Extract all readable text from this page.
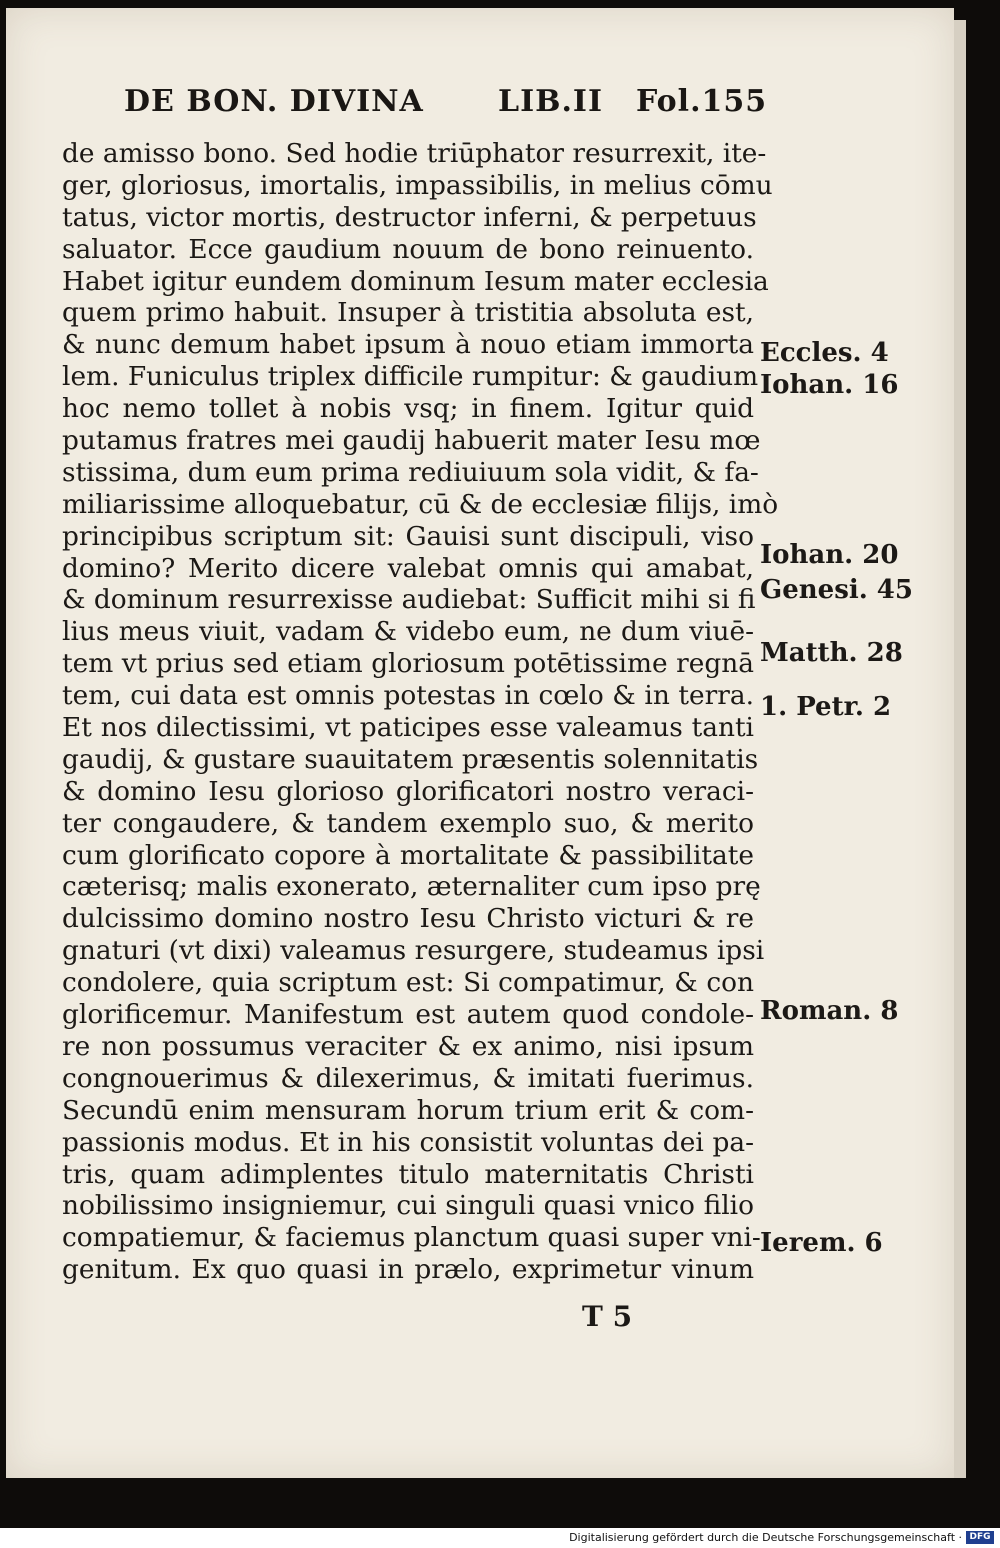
DE BON. DIVINA LIB.II Fol.155
de amisso bono. Sed hodie triūphator resurrexit, ite-
ger, gloriosus, imortalis, impassibilis, in melius cōmu
tatus, victor mortis, destructor inferni, & perpetuus
saluator. Ecce gaudium nouum de bono reinuento.
Habet igitur eundem dominum Iesum mater ecclesia
quem primo habuit. Insuper à tristitia absoluta est,
& nunc demum habet ipsum à nouo etiam immorta
lem. Funiculus triplex difficile rumpitur: & gaudium
hoc nemo tollet à nobis vsq; in finem. Igitur quid
putamus fratres mei gaudij habuerit mater Iesu mœ
stissima, dum eum prima rediuiuum sola vidit, & fa-
miliarissime alloquebatur, cū & de ecclesiæ filijs, imò
principibus scriptum sit: Gauisi sunt discipuli, viso
domino? Merito dicere valebat omnis qui amabat,
& dominum resurrexisse audiebat: Sufficit mihi si fi
lius meus viuit, vadam & videbo eum, ne dum viuē-
tem vt prius sed etiam gloriosum potētissime regnā
tem, cui data est omnis potestas in cœlo & in terra.
Et nos dilectissimi, vt paticipes esse valeamus tanti
gaudij, & gustare suauitatem præsentis solennitatis
& domino Iesu glorioso glorificatori nostro veraci-
ter congaudere, & tandem exemplo suo, & merito
cum glorificato copore à mortalitate & passibilitate
cæterisq; malis exonerato, æternaliter cum ipso prę
dulcissimo domino nostro Iesu Christo victuri & re
gnaturi (vt dixi) valeamus resurgere, studeamus ipsi
condolere, quia scriptum est: Si compatimur, & con
glorificemur. Manifestum est autem quod condole-
re non possumus veraciter & ex animo, nisi ipsum
congnouerimus & dilexerimus, & imitati fuerimus.
Secundū enim mensuram horum trium erit & com-
passionis modus. Et in his consistit voluntas dei pa-
tris, quam adimplentes titulo maternitatis Christi
nobilissimo insigniemur, cui singuli quasi vnico filio
compatiemur, & faciemus planctum quasi super vni-
genitum. Ex quo quasi in prælo, exprimetur vinum
T 5
Eccles. 4
Iohan. 16
Iohan. 20
Genesi. 45
Matth. 28
1. Petr. 2
Roman. 8
Ierem. 6
Digitalisierung gefördert durch die Deutsche Forschungsgemeinschaft · DFG
